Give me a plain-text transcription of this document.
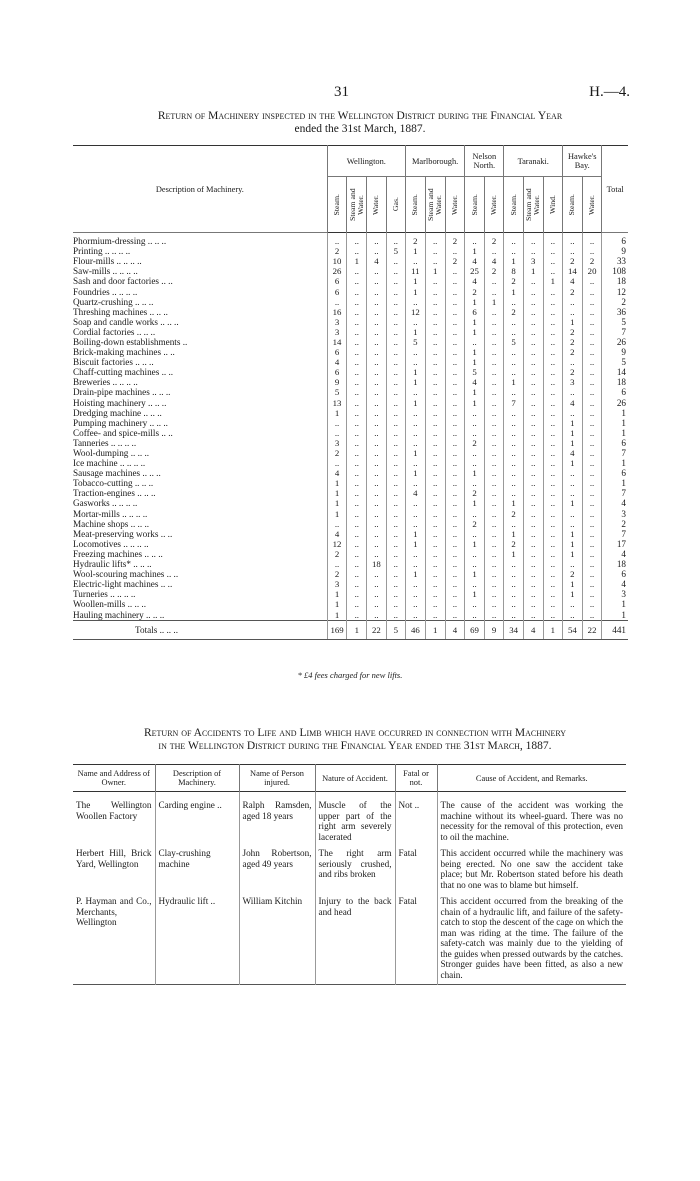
31	H.—4.
Return of Machinery inspected in the Wellington District during the Financial Year
ended the 31st March, 1887.
Description of Machinery.	Wellington.				Marlborough.			Nelson North.		Taranaki.			Hawke's Bay.		Total

	Steam.	Steam and Water.	Water.	Gas.	Steam.	Steam and Water.	Water.	Steam.	Water.	Steam.	Steam and Water.	Wind.	Steam.	Water.	

Phormium-dressing .. .. ..	..	..	..	..	2	..	2	..	2	..	..	..	..	..	6
Printing .. .. .. ..	2	..	..	5	1	..	..	1	..	..	..	..	..	..	9
Flour-mills .. .. .. ..	10	1	4	..	..	..	2	4	4	1	3	..	2	2	33
Saw-mills .. .. .. ..	26	..	..	..	11	1	..	25	2	8	1	..	14	20	108
Sash and door factories .. ..	6	..	..	..	1	..	..	4	..	2	..	1	4	..	18
Foundries .. .. .. ..	6	..	..	..	1	..	..	2	..	1	..	..	2	..	12
Quartz-crushing .. .. ..	..	..	..	..	..	..	..	1	1	..	..	..	..	..	2
Threshing machines .. .. ..	16	..	..	..	12	..	..	6	..	2	..	..	..	..	36
Soap and candle works .. .. ..	3	..	..	..	..	..	..	1	..	..	..	..	1	..	5
Cordial factories .. .. ..	3	..	..	..	1	..	..	1	..	..	..	..	2	..	7
Boiling-down establishments ..	14	..	..	..	5	..	..	..	..	5	..	..	2	..	26
Brick-making machines .. ..	6	..	..	..	..	..	..	1	..	..	..	..	2	..	9
Biscuit factories .. .. ..	4	..	..	..	..	..	..	1	..	..	..	..	..	..	5
Chaff-cutting machines .. ..	6	..	..	..	1	..	..	5	..	..	..	..	2	..	14
Breweries .. .. .. ..	9	..	..	..	1	..	..	4	..	1	..	..	3	..	18
Drain-pipe machines .. .. ..	5	..	..	..	..	..	..	1	..	..	..	..	..	..	6
Hoisting machinery .. .. ..	13	..	..	..	1	..	..	1	..	7	..	..	4	..	26
Dredging machine .. .. ..	1	..	..	..	..	..	..	..	..	..	..	..	..	..	1
Pumping machinery .. .. ..	..	..	..	..	..	..	..	..	..	..	..	..	1	..	1
Coffee- and spice-mills .. ..	..	..	..	..	..	..	..	..	..	..	..	..	1	..	1
Tanneries .. .. .. ..	3	..	..	..	..	..	..	2	..	..	..	..	1	..	6
Wool-dumping .. .. ..	2	..	..	..	1	..	..	..	..	..	..	..	4	..	7
Ice machine .. .. .. ..	..	..	..	..	..	..	..	..	..	..	..	..	1	..	1
Sausage machines .. .. ..	4	..	..	..	1	..	..	1	..	..	..	..	..	..	6
Tobacco-cutting .. .. ..	1	..	..	..	..	..	..	..	..	..	..	..	..	..	1
Traction-engines .. .. ..	1	..	..	..	4	..	..	2	..	..	..	..	..	..	7
Gasworks .. .. .. ..	1	..	..	..	..	..	..	1	..	1	..	..	1	..	4
Mortar-mills .. .. .. ..	1	..	..	..	..	..	..	..	..	2	..	..	..	..	3
Machine shops .. .. ..	..	..	..	..	..	..	..	2	..	..	..	..	..	..	2
Meat-preserving works .. ..	4	..	..	..	1	..	..	..	..	1	..	..	1	..	7
Locomotives .. .. .. ..	12	..	..	..	1	..	..	1	..	2	..	..	1	..	17
Freezing machines .. .. ..	2	..	..	..	..	..	..	..	..	1	..	..	1	..	4
Hydraulic lifts* .. .. ..	..	..	18	..	..	..	..	..	..	..	..	..	..	..	18
Wool-scouring machines .. ..	2	..	..	..	1	..	..	1	..	..	..	..	2	..	6
Electric-light machines .. ..	3	..	..	..	..	..	..	..	..	..	..	..	1	..	4
Turneries .. .. .. ..	1	..	..	..	..	..	..	1	..	..	..	..	1	..	3
Woollen-mills .. .. ..	1	..	..	..	..	..	..	..	..	..	..	..	..	..	1
Hauling machinery .. .. ..	1	..	..	..	..	..	..	..	..	..	..	..	..	..	1
Totals .. .. ..	169	1	22	5	46	1	4	69	9	34	4	1	54	22	441
* £4 fees charged for new lifts.
Return of Accidents to Life and Limb which have occurred in connection with Machinery
in the Wellington District during the Financial Year ended the 31st March, 1887.
Name and Address of Owner.	Description of Machinery.	Name of Person injured.	Nature of Accident.	Fatal or not.	Cause of Accident, and Remarks.
The Wellington Woollen Factory	Carding engine ..	Ralph Ramsden, aged 18 years	Muscle of the upper part of the right arm severely lacerated	Not ..	The cause of the accident was working the machine without its wheel-guard. There was no necessity for the removal of this protection, even to oil the machine.
Herbert Hill, Brick Yard, Wellington	Clay-crushing machine	John Robertson, aged 49 years	The right arm seriously crushed, and ribs broken	Fatal	This accident occurred while the machinery was being erected. No one saw the accident take place; but Mr. Robertson stated before his death that no one was to blame but himself.
P. Hayman and Co., Merchants, Wellington	Hydraulic lift ..	William Kitchin	Injury to the back and head	Fatal	This accident occurred from the breaking of the chain of a hydraulic lift, and failure of the safety-catch to stop the descent of the cage on which the man was riding at the time. The failure of the safety-catch was mainly due to the yielding of the guides when pressed outwards by the catches. Stronger guides have been fitted, as also a new chain.
